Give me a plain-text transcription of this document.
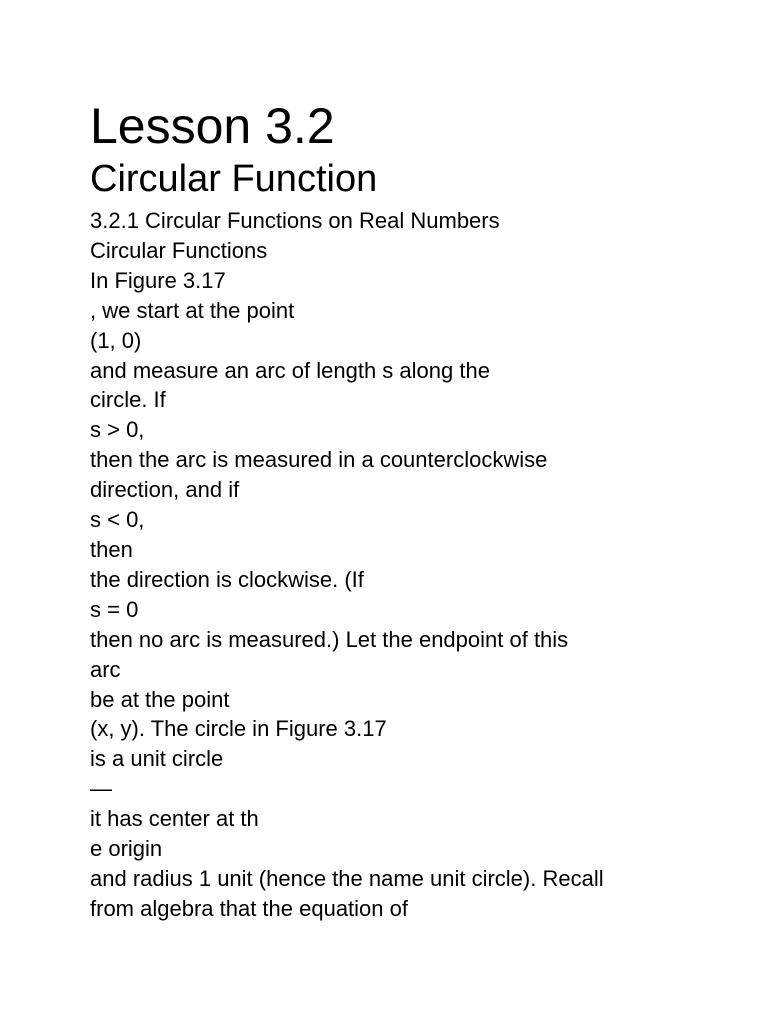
Lesson 3.2
Circular Function
3.2.1 Circular Functions on Real Numbers
Circular Functions
In Figure 3.17
, we start at the point
(1, 0)
and measure an arc of length s along the
circle. If
s > 0,
then the arc is measured in a counterclockwise
direction, and if
s < 0,
then
the direction is clockwise. (If
s = 0
then no arc is measured.) Let the endpoint of this
arc
be at the point
(x, y). The circle in Figure 3.17
is a unit circle
—
it has center at th
e origin
and radius 1 unit (hence the name unit circle). Recall
from algebra that the equation of
